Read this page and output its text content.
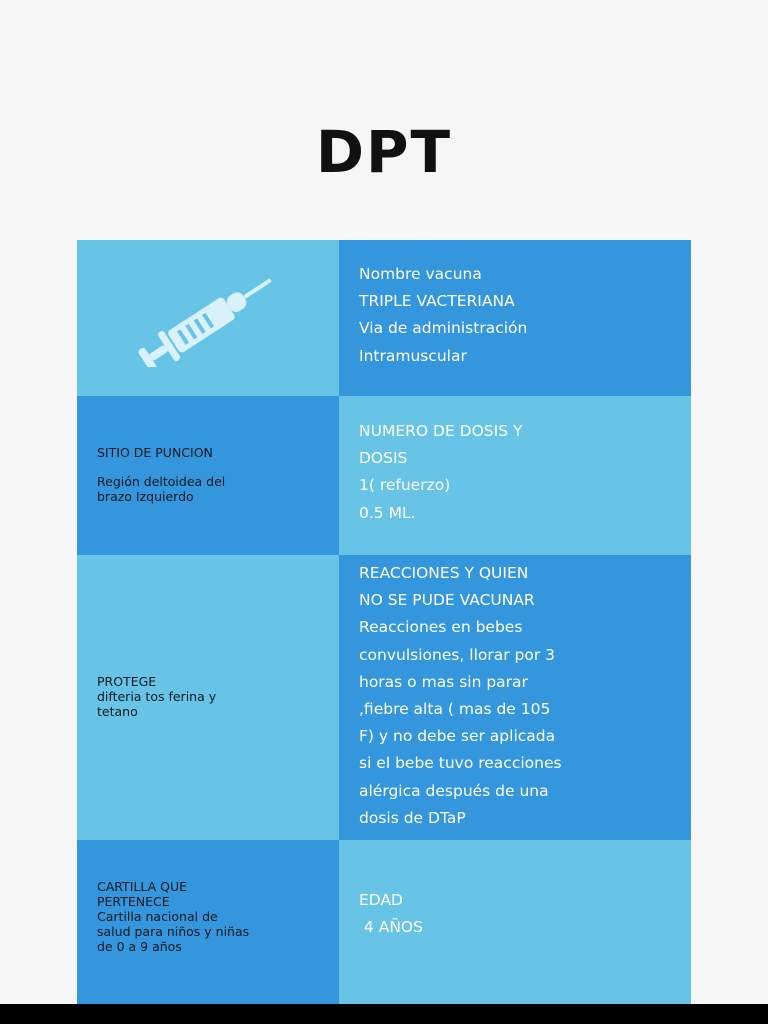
DPT
Nombre vacuna
TRIPLE VACTERIANA
Via de administración
Intramuscular
SITIO DE PUNCION
Región deltoidea del
brazo Izquierdo
NUMERO DE DOSIS Y
DOSIS
1( refuerzo)
0.5 ML.
PROTEGE
difteria tos ferina y
tetano
REACCIONES Y QUIEN
NO SE PUDE VACUNAR
Reacciones en bebes
convulsiones, llorar por 3
horas o mas sin parar
,fiebre alta ( mas de 105
F) y no debe ser aplicada
si el bebe tuvo reacciones
alérgica después de una
dosis de DTaP
CARTILLA QUE
PERTENECE
Cartilla nacional de
salud para niños y niñas
de 0 a 9 años
EDAD
4 AÑOS
